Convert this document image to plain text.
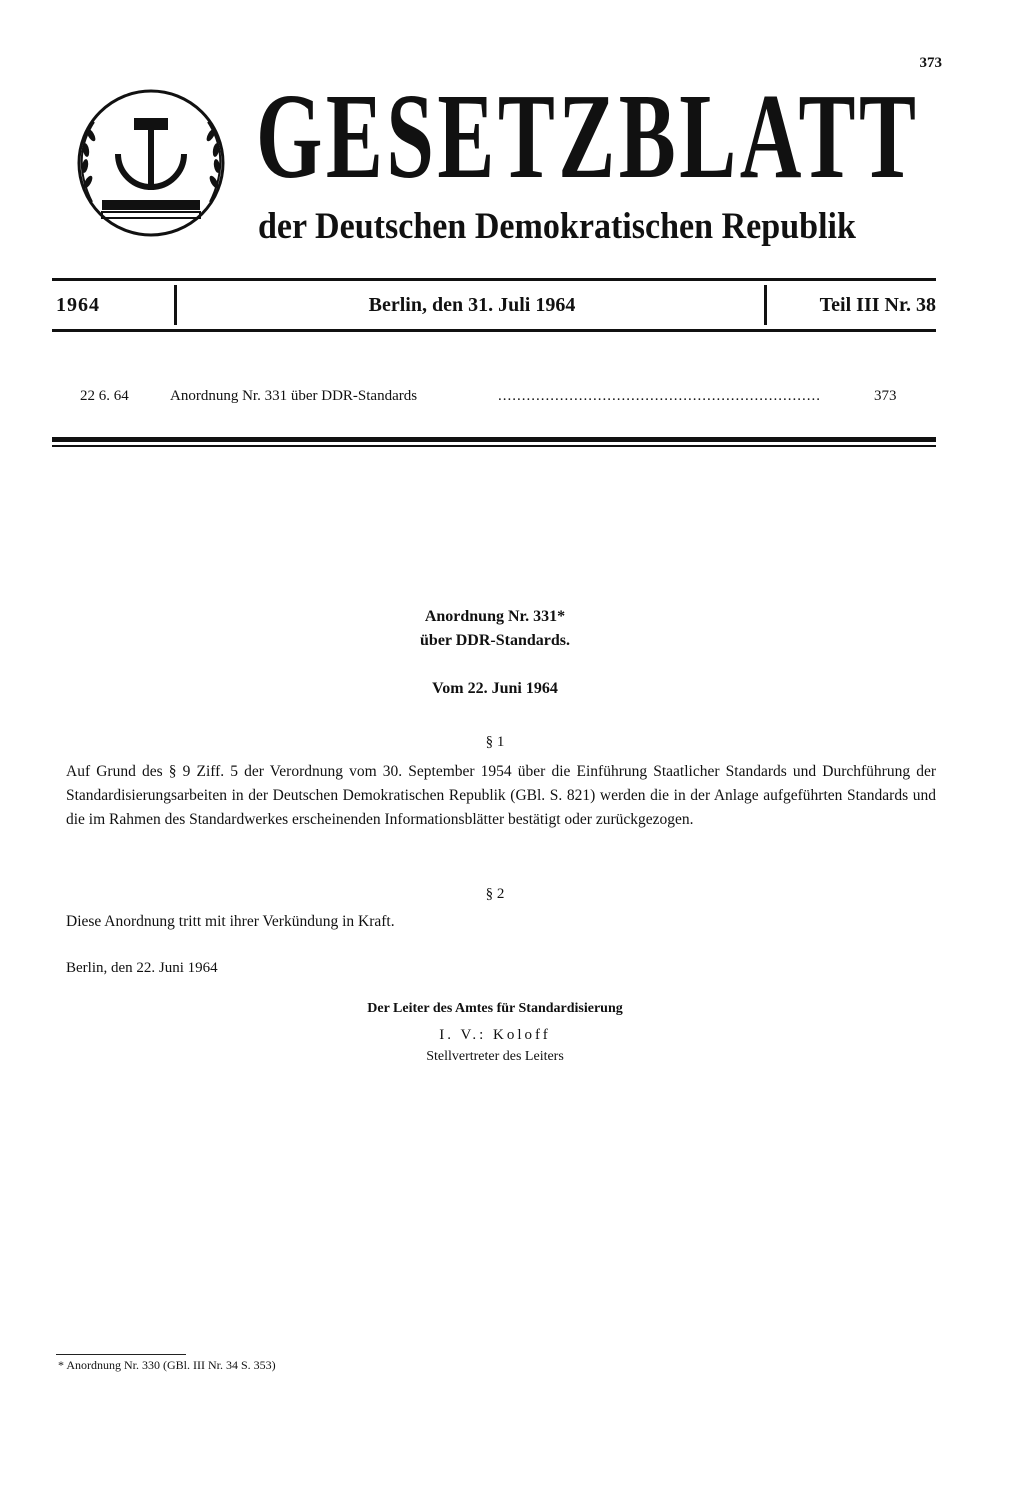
373
GESETZBLATT
der Deutschen Demokratischen Republik
1964	Berlin, den 31. Juli 1964	Teil III Nr. 38
22 6. 64	Anordnung Nr. 331 über DDR-Standards	....................................................................	373
Anordnung Nr. 331*
über DDR-Standards.
Vom 22. Juni 1964
§ 1
Auf Grund des § 9 Ziff. 5 der Verordnung vom 30. September 1954 über die Einführung Staatlicher Standards und Durchführung der Standardisierungsarbeiten in der Deutschen Demokratischen Republik (GBl. S. 821) werden die in der Anlage aufgeführten Standards und die im Rahmen des Standardwerkes erscheinenden Informationsblätter bestätigt oder zurückgezogen.
§ 2
Diese Anordnung tritt mit ihrer Verkündung in Kraft.
Berlin, den 22. Juni 1964
Der Leiter des Amtes für Standardisierung
I. V.: Koloff
Stellvertreter des Leiters
* Anordnung Nr. 330 (GBl. III Nr. 34 S. 353)
